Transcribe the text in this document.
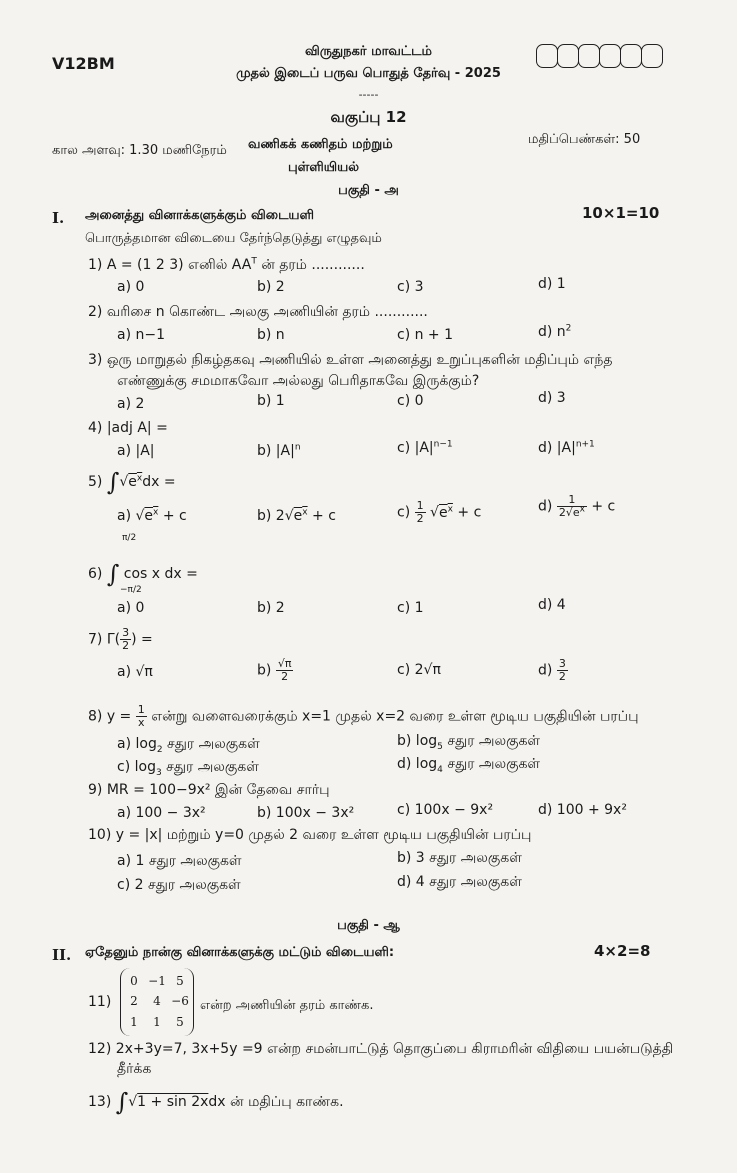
V12BM
விருதுநகர் மாவட்டம்
முதல் இடைப் பருவ பொதுத் தேர்வு - 2025
-----
வகுப்பு 12
கால அளவு: 1.30 மணிநேரம் வணிகக் கணிதம் மற்றும்
புள்ளியியல்
மதிப்பெண்கள்: 50
பகுதி - அ
I. அனைத்து வினாக்களுக்கும் விடையளி	10×1=10
பொருத்தமான விடையை தேர்ந்தெடுத்து எழுதவும்
1) A = (1 2 3) எனில் $AA^T$ ன் தரம் ............
a) 0	b) 2	c) 3	d) 1
2) வரிசை n கொண்ட அலகு அணியின் தரம் ............
a) n−1	b) n	c) n + 1	d) $n^2$
3) ஒரு மாறுதல் நிகழ்தகவு அணியில் உள்ள அனைத்து உறுப்புகளின் மதிப்பும் எந்த
எண்ணுக்கு சமமாகவோ அல்லது பெரிதாகவே இருக்கும்?
a) 2	b) 1	c) 0	d) 3
4) |adj A| =
a) |A|	b) $|A|^n$	c) $|A|^{n-1}$	d) $|A|^{n+1}$
5) $\int√e^xdx$ =
a) $√e^x + c$	b) $2√e^x + c$	$c) \frac{1}{2} √e^x + c$	$d) \frac{1}{2√e^x} + c$
π/2
6) ∫ cos x dx =
−π/2
a) 0	b) 2	c) 1	d) 4
7) $\Gamma( \frac{3}{2}$ ) =
a) √π	$b) \frac{√\pi}{2}$	c) 2√π	$d) \frac{3}{2}$
8) $y = \frac{1}{x}$ என்று வளைவரைக்கும் x=1 முதல் x=2 வரை உள்ள மூடிய பகுதியின் பரப்பு
a) $\log_2$ சதுர அலகுகள்	b) $\log_5$ சதுர அலகுகள்
c) $\log_3$ சதுர அலகுகள்	d) $\log_4$ சதுர அலகுகள்
9) MR = 100−9x² இன் தேவை சார்பு
a) 100 − 3x²	b) 100x − 3x²	c) 100x − 9x²	d) 100 + 9x²
10) y = |x| மற்றும் y=0 முதல் 2 வரை உள்ள மூடிய பகுதியின் பரப்பு
a) 1 சதுர அலகுகள்	b) 3 சதுர அலகுகள்
c) 2 சதுர அலகுகள்	d) 4 சதுர அலகுகள்
பகுதி - ஆ
II. ஏதேனும் நான்கு வினாக்களுக்கு மட்டும் விடையளி:	4×2=8
11)
0 −1 5
2	4 −6
1	1	5
என்ற அணியின் தரம் காண்க.
12) 2x+3y=7, 3x+5y =9 என்ற சமன்பாட்டுத் தொகுப்பை கிராமரின் விதியை பயன்படுத்தி
தீர்க்க
13) ∫√1 + sin 2xdx ன் மதிப்பு காண்க.
